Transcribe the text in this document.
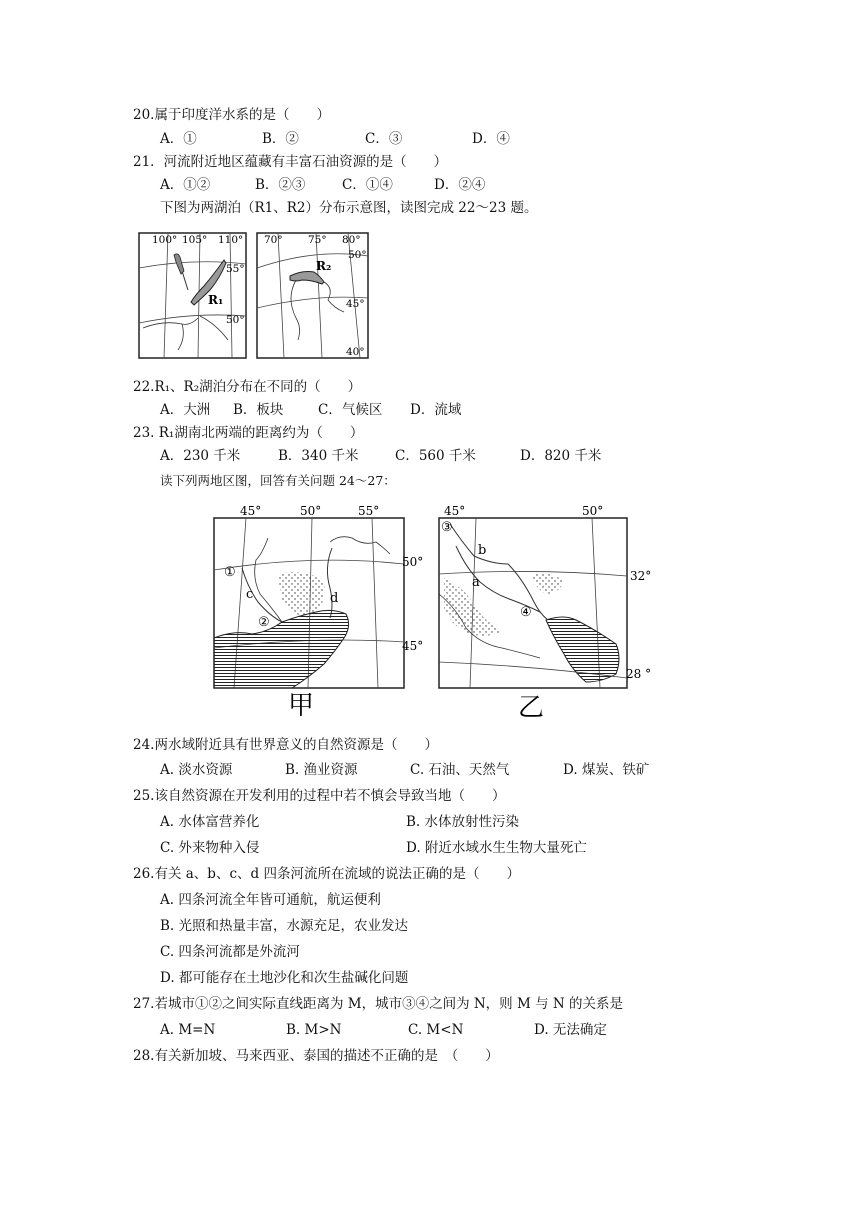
20.属于印度洋水系的是（　　）
A．①	B．②	C．③	D．④
21．河流附近地区蕴藏有丰富石油资源的是（　　）
A．①②	B．②③	C．①④	D．②④
下图为两湖泊（R1、R2）分布示意图，读图完成 22～23 题。
100° 105° 110°
55°
50°
R₁
70° 75° 80°
50°
45°
40°
R₂
22.R₁、R₂湖泊分布在不同的（　　）
A．大洲 B．板块	C．气候区 D．流域
23. R₁湖南北两端的距离约为（　　）
A．230 千米	B．340 千米	C．560 千米	D．820 千米
读下列两地区图，回答有关问题 24～27：
45°	50°	55°
50°
45°
①
②
c	d
甲
45°	50°
32°
28 °
③
④
b
a
乙
24.两水域附近具有世界意义的自然资源是（　　）
A. 淡水资源	B. 渔业资源	C. 石油、天然气	D. 煤炭、铁矿
25.该自然资源在开发利用的过程中若不慎会导致当地（　　）
A. 水体富营养化	B. 水体放射性污染
C. 外来物种入侵	D. 附近水域水生生物大量死亡
26.有关 a、b、c、d 四条河流所在流域的说法正确的是（　　）
A. 四条河流全年皆可通航，航运便利
B. 光照和热量丰富，水源充足，农业发达
C. 四条河流都是外流河
D. 都可能存在土地沙化和次生盐碱化问题
27.若城市①②之间实际直线距离为 M，城市③④之间为 N，则 M 与 N 的关系是
A. M=N	B. M>N	C. M<N	D. 无法确定
28.有关新加坡、马来西亚、泰国的描述不正确的是　（　　）
